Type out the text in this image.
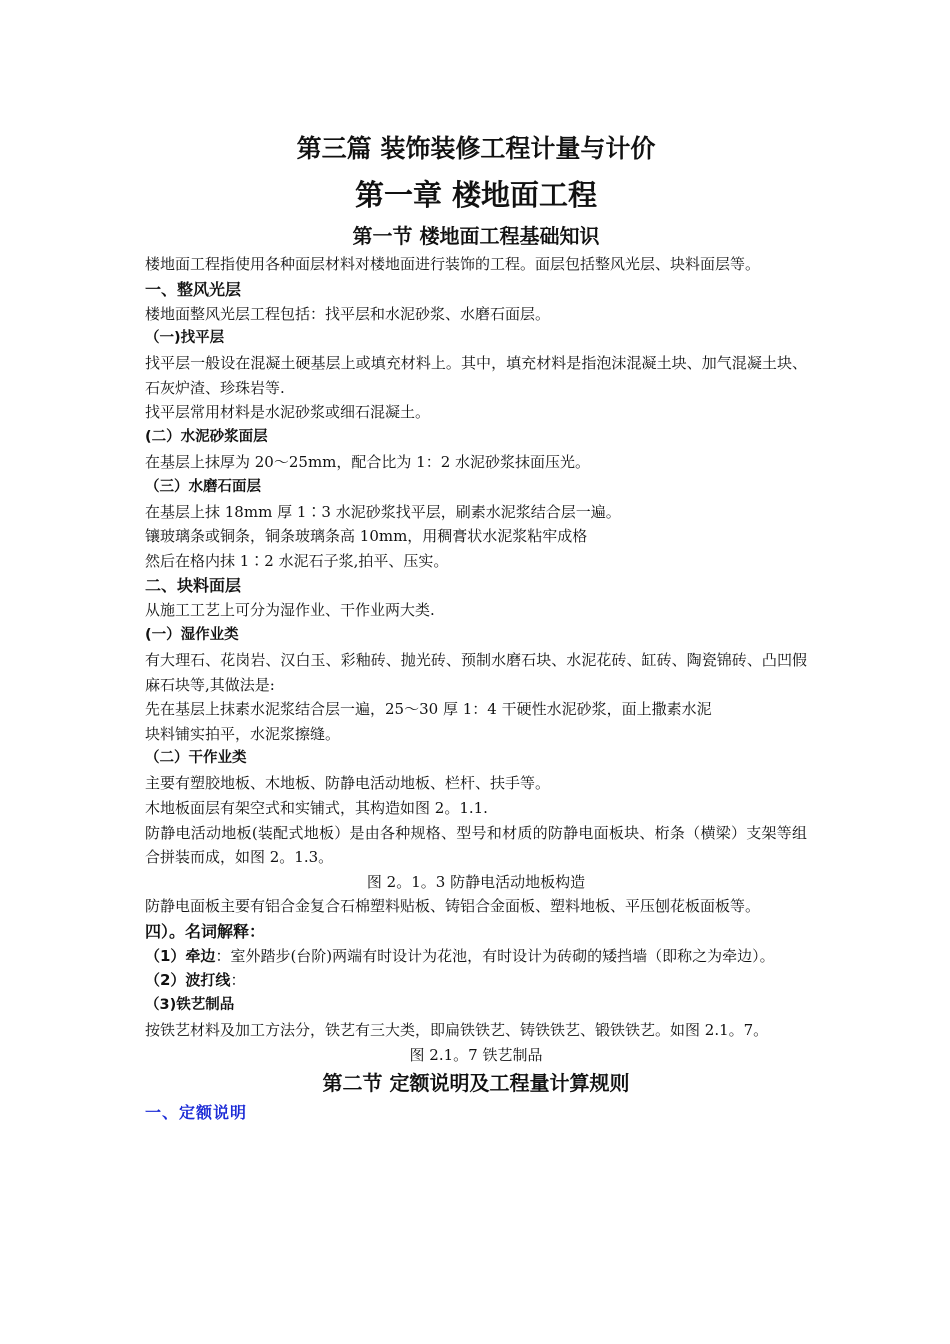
第三篇 装饰装修工程计量与计价
第一章 楼地面工程
第一节 楼地面工程基础知识

楼地面工程指使用各种面层材料对楼地面进行装饰的工程。面层包括整风光层、块料面层等。

一、整风光层

楼地面整风光层工程包括：找平层和水泥砂浆、水磨石面层。

（一)找平层

找平层一般设在混凝土硬基层上或填充材料上。其中，填充材料是指泡沫混凝土块、加气混凝土块、石灰炉渣、珍珠岩等.

找平层常用材料是水泥砂浆或细石混凝土。

(二）水泥砂浆面层

在基层上抹厚为 20～25mm，配合比为 1：2 水泥砂浆抹面压光。

（三）水磨石面层

在基层上抹 18mm 厚 1∶3 水泥砂浆找平层，刷素水泥浆结合层一遍。

镶玻璃条或铜条，铜条玻璃条高 10mm，用稠膏状水泥浆粘牢成格

然后在格内抹 1∶2 水泥石子浆,拍平、压实。

二、块料面层

从施工工艺上可分为湿作业、干作业两大类.

(一）湿作业类

有大理石、花岗岩、汉白玉、彩釉砖、抛光砖、预制水磨石块、水泥花砖、缸砖、陶瓷锦砖、凸凹假麻石块等,其做法是:

先在基层上抹素水泥浆结合层一遍，25～30 厚 1：4 干硬性水泥砂浆，面上撒素水泥

块料铺实拍平，水泥浆擦缝。

（二）干作业类

主要有塑胶地板、木地板、防静电活动地板、栏杆、扶手等。

木地板面层有架空式和实铺式，其构造如图 2。1.1.

防静电活动地板(装配式地板）是由各种规格、型号和材质的防静电面板块、桁条（横梁）支架等组合拼装而成，如图 2。1.3。

图 2。1。3 防静电活动地板构造

防静电面板主要有铝合金复合石棉塑料贴板、铸铝合金面板、塑料地板、平压刨花板面板等。

四）。名词解释：

（1）牵边：室外踏步(台阶)两端有时设计为花池，有时设计为砖砌的矮挡墙（即称之为牵边）。

（2）波打线：

（3)铁艺制品

按铁艺材料及加工方法分，铁艺有三大类，即扁铁铁艺、铸铁铁艺、锻铁铁艺。如图 2.1。7。

图 2.1。7 铁艺制品

第二节 定额说明及工程量计算规则

一、定额说明
